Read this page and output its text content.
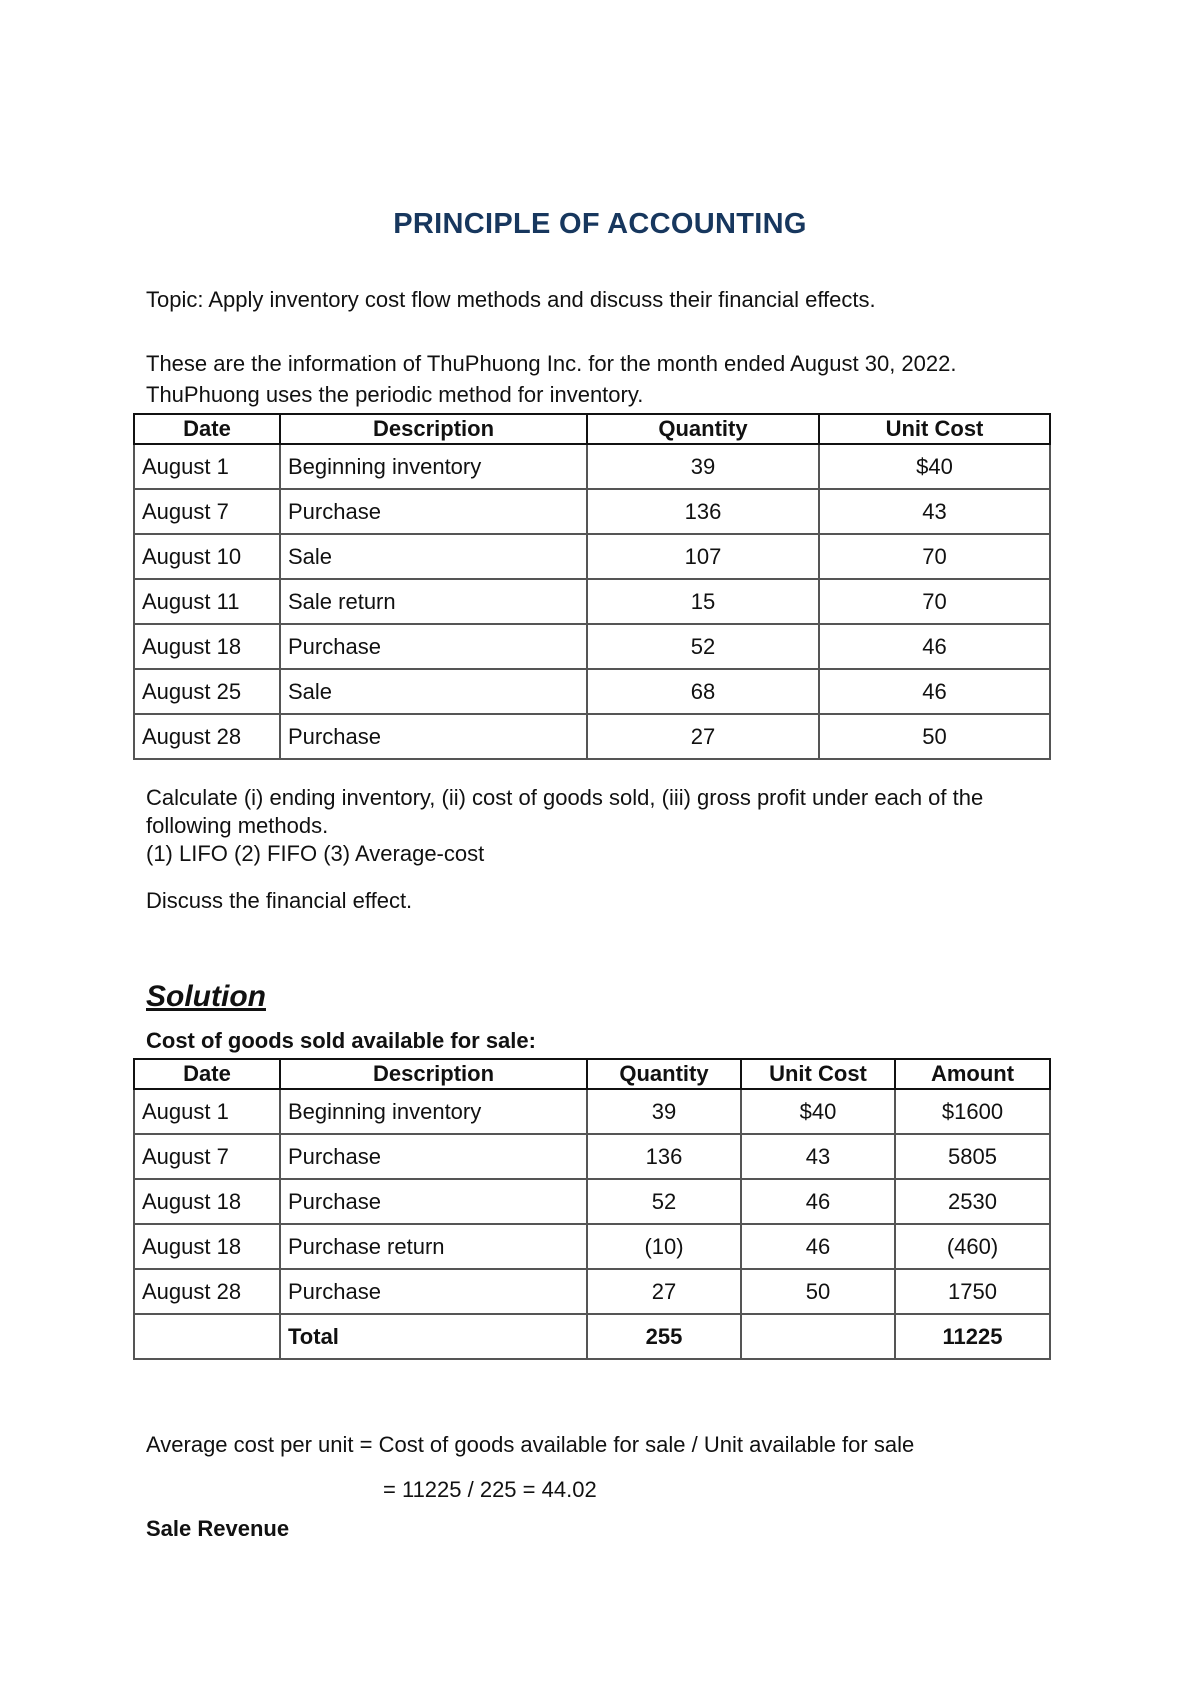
PRINCIPLE OF ACCOUNTING
Topic: Apply inventory cost flow methods and discuss their financial effects.
These are the information of ThuPhuong Inc. for the month ended August 30, 2022.
ThuPhuong uses the periodic method for inventory.
Date	Description	Quantity	Unit Cost
August 1	Beginning inventory	39	$40
August 7	Purchase	136	43
August 10	Sale	107	70
August 11	Sale return	15	70
August 18	Purchase	52	46
August 25	Sale	68	46
August 28	Purchase	27	50
Calculate (i) ending inventory, (ii) cost of goods sold, (iii) gross profit under each of the following methods.
(1) LIFO (2) FIFO (3) Average-cost
Discuss the financial effect.
Solution
Cost of goods sold available for sale:
Date	Description	Quantity	Unit Cost	Amount
August 1	Beginning inventory	39	$40	$1600
August 7	Purchase	136	43	5805
August 18	Purchase	52	46	2530
August 18	Purchase return	(10)	46	(460)
August 28	Purchase	27	50	1750
	Total	255		11225
Average cost per unit = Cost of goods available for sale / Unit available for sale
= 11225 / 225 = 44.02
Sale Revenue
